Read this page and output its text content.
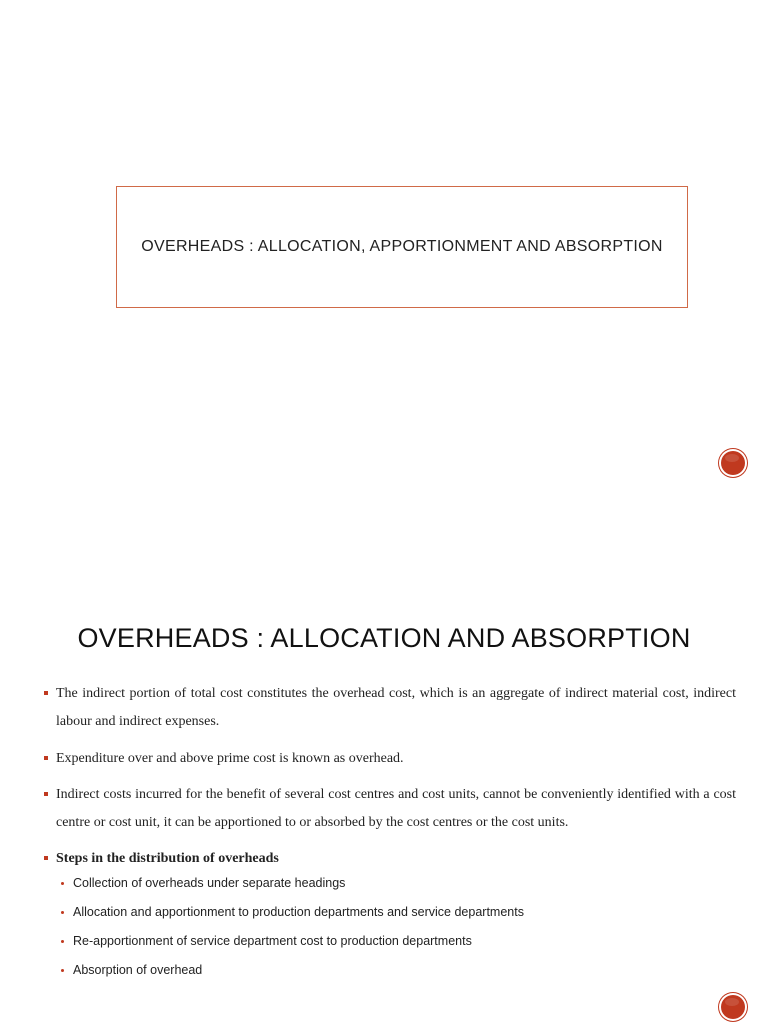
OVERHEADS : ALLOCATION, APPORTIONMENT AND ABSORPTION
OVERHEADS : ALLOCATION AND ABSORPTION
The indirect portion of total cost constitutes the overhead cost, which is an aggregate of indirect material cost, indirect labour and indirect expenses.
Expenditure over and above prime cost is known as overhead.
Indirect costs incurred for the benefit of several cost centres and cost units, cannot be conveniently identified with a cost centre or cost unit, it can be apportioned to or absorbed by the cost centres or the cost units.
Steps in the distribution of overheads
Collection of overheads under separate headings
Allocation and apportionment to production departments and service departments
Re-apportionment of service department cost to production departments
Absorption of overhead
